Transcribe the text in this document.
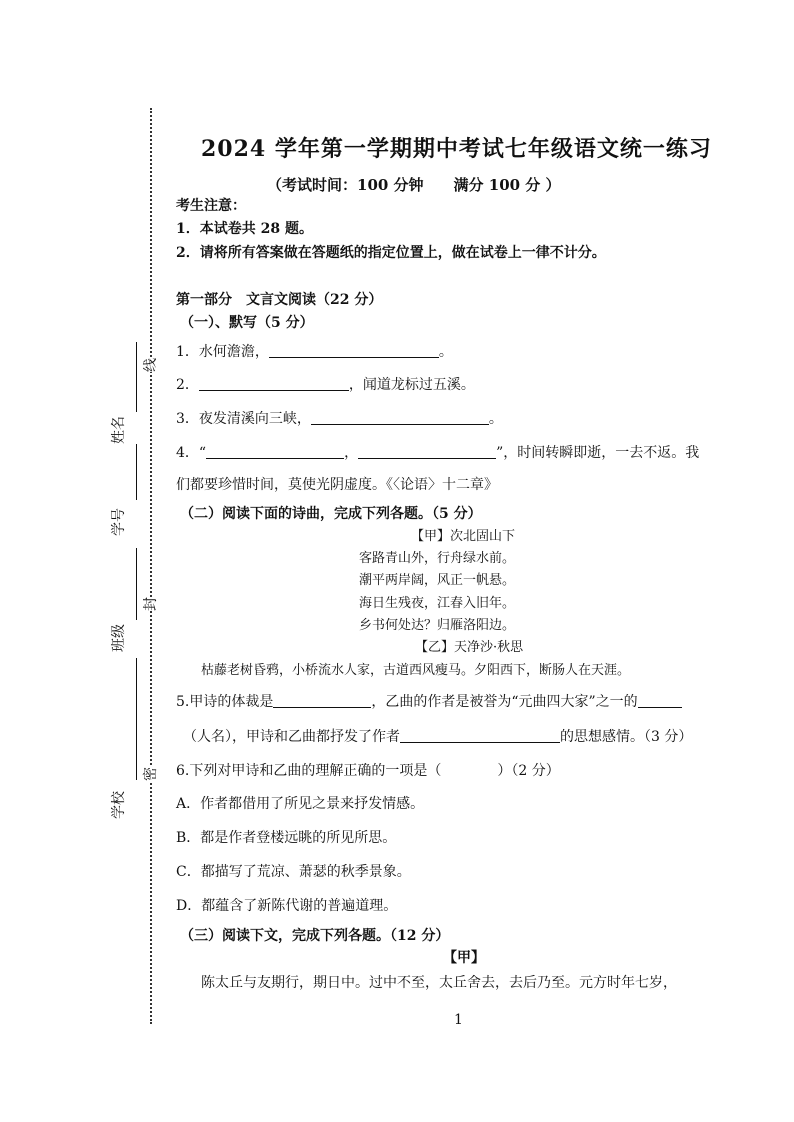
姓名
学号
班级
学校
线
封
密
2024 学年第一学期期中考试七年级语文统一练习
（考试时间：100 分钟　　满分 100 分 ）
考生注意：
1．本试卷共 28 题。
2．请将所有答案做在答题纸的指定位置上，做在试卷上一律不计分。
第一部分　文言文阅读（22 分）
（一）、默写（5 分）
1．水何澹澹，	。
2．	，闻道龙标过五溪。
3．夜发清溪向三峡，	。
4．“	，	”，时间转瞬即逝，一去不返。我
们都要珍惜时间，莫使光阴虚度。《〈论语〉十二章》
（二）阅读下面的诗曲，完成下列各题。（5 分）
【甲】次北固山下
客路青山外，行舟绿水前。
潮平两岸阔，风正一帆悬。
海日生残夜，江春入旧年。
乡书何处达？归雁洛阳边。
【乙】天净沙·秋思
枯藤老树昏鸦，小桥流水人家，古道西风瘦马。夕阳西下，断肠人在天涯。
5.甲诗的体裁是	，乙曲的作者是被誉为“元曲四大家”之一的
（人名），甲诗和乙曲都抒发了作者	的思想感情。（3 分）
6.下列对甲诗和乙曲的理解正确的一项是（　　　　）（2 分）
A．作者都借用了所见之景来抒发情感。
B．都是作者登楼远眺的所见所思。
C．都描写了荒凉、萧瑟的秋季景象。
D．都蕴含了新陈代谢的普遍道理。
（三）阅读下文，完成下列各题。（12 分）
【甲】
陈太丘与友期行，期日中。过中不至，太丘舍去，去后乃至。元方时年七岁，
1
